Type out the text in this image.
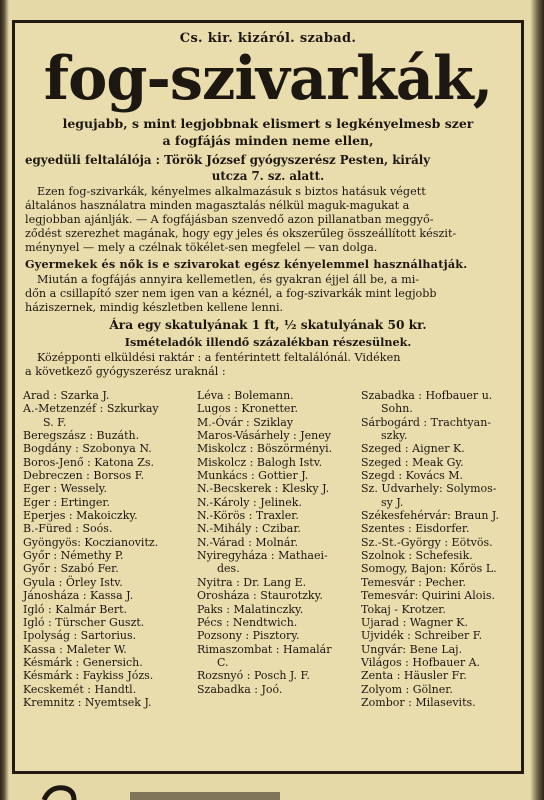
Cs. kir. kizáról. szabad.
fog-szivarkák,
legujabb, s mint legjobbnak elismert s legkényelmesb szer
a fogfájás minden neme ellen,
egyedüli feltalálója : Török József gyógyszerész Pesten, király
utcza 7. sz. alatt.
Ezen fog-szivarkák, kényelmes alkalmazásuk s biztos hatásuk végett
általános használatra minden magasztalás nélkül maguk-magukat a
legjobban ajánlják. — A fogfájásban szenvedő azon pillanatban meggyő-
ződést szerezhet magának, hogy egy jeles és okszerűleg összeállított készit-
ménynyel — mely a czélnak tökélet-sen megfelel — van dolga.
Gyermekek és nők is e szivarokat egész kényelemmel használhatják.
Miután a fogfájás annyira kellemetlen, és gyakran éjjel áll be, a mi-
dőn a csillapító szer nem igen van a kéznél, a fog-szivarkák mint legjobb
háziszernek, mindig készletben kellene lenni.
Ára egy skatulyának 1 ft, ½ skatulyának 50 kr.
Ismételadók illendő százalékban részesülnek.
Középponti elküldési raktár : a fentérintett feltalálónál. Vidéken
a következő gyógyszerész uraknál :
Arad : Szarka J.
A.-Metzenzéf : Szkurkay
S. F.
Beregszász : Buzáth.
Bogdány : Szobonya N.
Boros-Jenő : Katona Zs.
Debreczen : Borsos F.
Eger : Wessely.
Eger : Ertinger.
Eperjes : Makoiczky.
B.-Füred : Soós.
Gyöngyös: Koczianovitz.
Győr : Némethy P.
Győr : Szabó Fer.
Gyula : Örley Istv.
Jánosháza : Kassa J.
Igló : Kalmár Bert.
Igló : Türscher Guszt.
Ipolyság : Sartorius.
Kassa : Maleter W.
Késmárk : Genersich.
Késmárk : Faykiss Józs.
Kecskemét : Handtl.
Kremnitz : Nyemtsek J.
Léva : Bolemann.
Lugos : Kronetter.
M.-Óvár : Sziklay
Maros-Vásárhely : Jeney
Miskolcz : Böszörményi.
Miskolcz : Balogh Istv.
Munkács : Gottier J.
N.-Becskerek : Klesky J.
N.-Károly : Jelinek.
N.-Körös : Traxler.
N.-Mihály : Czibar.
N.-Várad : Molnár.
Nyiregyháza : Mathaei-
des.
Nyitra : Dr. Lang E.
Orosháza : Staurotzky.
Paks : Malatinczky.
Pécs : Nendtwich.
Pozsony : Pisztory.
Rimaszombat : Hamalár
C.
Rozsnyó : Posch J. F.
Szabadka : Joó.
Szabadka : Hofbauer u.
Sohn.
Sárbogárd : Trachtyan-
szky.
Szeged : Aigner K.
Szeged : Meak Gy.
Szegd : Kovács M.
Sz. Udvarhely: Solymos-
sy J.
Székesfehérvár: Braun J.
Szentes : Eisdorfer.
Sz.-St.-György : Eötvös.
Szolnok : Schefesik.
Somogy, Bajon: Kőrös L.
Temesvár : Pecher.
Temesvár: Quirini Alois.
Tokaj - Krotzer.
Ujarad : Wagner K.
Ujvidék : Schreiber F.
Ungvár: Bene Laj.
Világos : Hofbauer A.
Zenta : Häusler Fr.
Zolyom : Gölner.
Zombor : Milasevits.
